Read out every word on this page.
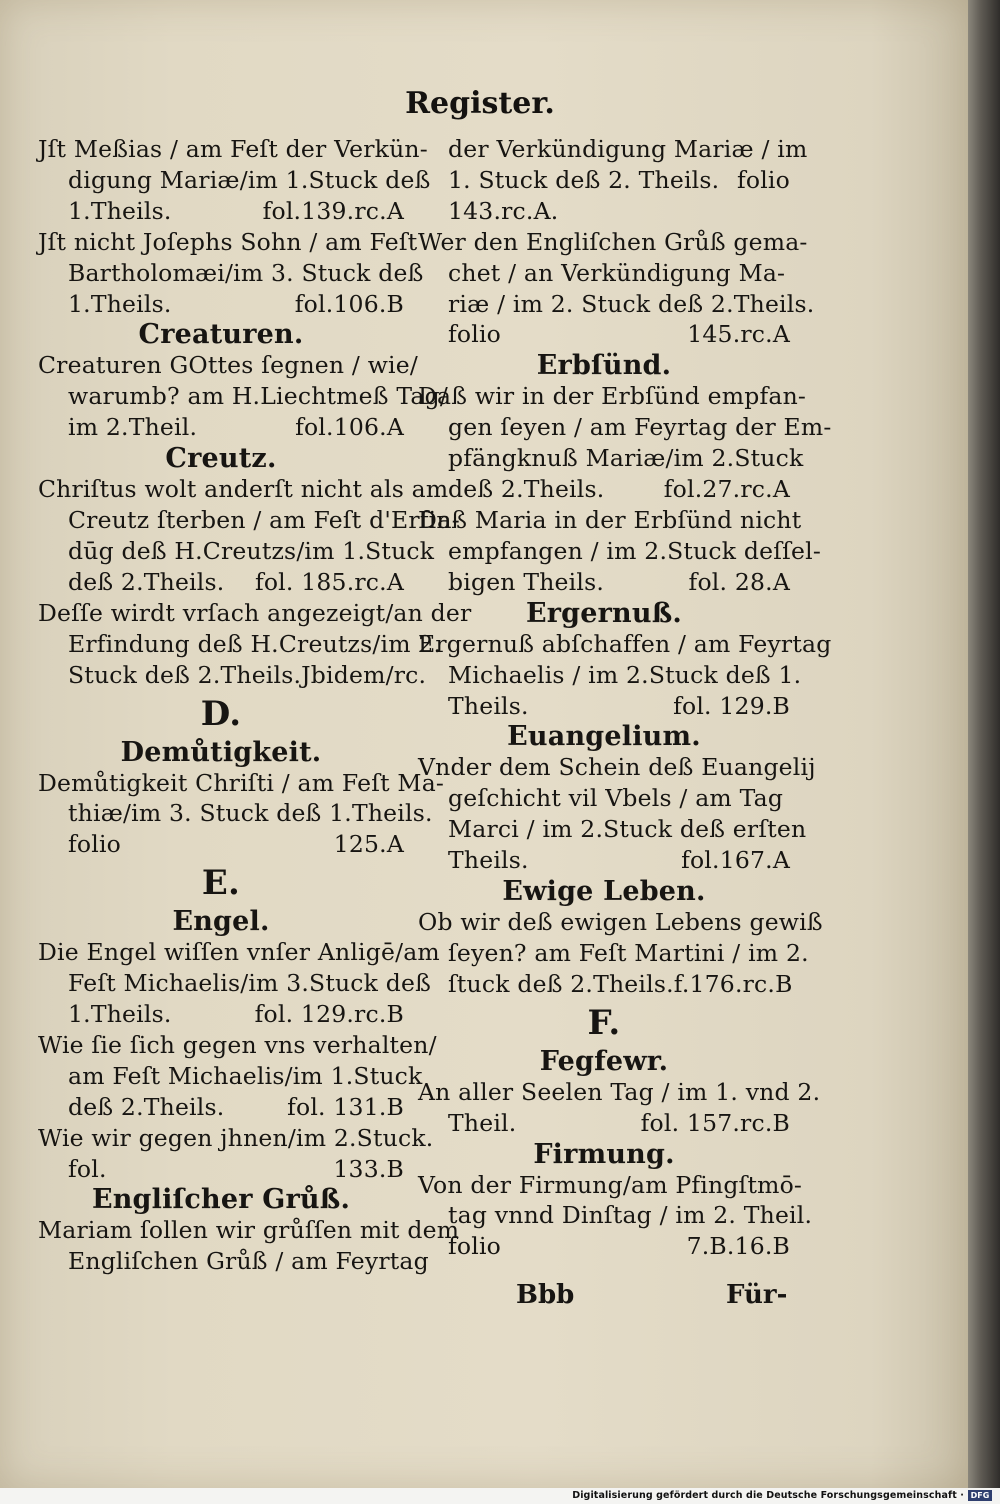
Register.

Jſt Meßias / am Feſt der Verkün-
digung Mariæ/im 1.Stuck deß
1.Theils.	fol.139.rc.A

Jſt nicht Joſephs Sohn / am Feſt
Bartholomæi/im 3. Stuck deß
1.Theils.	fol.106.B

Creaturen.

Creaturen GOttes ſegnen / wie/
warumb? am H.Liechtmeß Tag/
im 2.Theil.	fol.106.A

Creutz.

Chriſtus wolt anderſt nicht als am
Creutz ſterben / am Feſt d'Erfin-
dūg deß H.Creutzs/im 1.Stuck
deß 2.Theils. fol. 185.rc.A

Deſſe wirdt vrſach angezeigt/an der
Erfindung deß H.Creutzs/im 2.
Stuck deß 2.Theils.Jbidem/rc.

D.

Demůtigkeit.

Demůtigkeit Chriſti / am Feſt Ma-
thiæ/im 3. Stuck deß 1.Theils.
folio	125.A

E.

Engel.

Die Engel wiſſen vnſer Anligē/am
Feſt Michaelis/im 3.Stuck deß
1.Theils.	fol. 129.rc.B

Wie ſie ſich gegen vns verhalten/
am Feſt Michaelis/im 1.Stuck
deß 2.Theils.	fol. 131.B

Wie wir gegen jhnen/im 2.Stuck.
fol.	133.B

Engliſcher Grůß.

Mariam ſollen wir grůſſen mit dem
Engliſchen Grůß / am Feyrtag

der Verkündigung Mariæ / im
1. Stuck deß 2. Theils. folio
143.rc.A.

Wer den Engliſchen Grůß gema-
chet / an Verkündigung Ma-
riæ / im 2. Stuck deß 2.Theils.
folio	145.rc.A

Erbſünd.

Daß wir in der Erbſünd empfan-
gen ſeyen / am Feyrtag der Em-
pfängknuß Mariæ/im 2.Stuck
deß 2.Theils.	fol.27.rc.A

Daß Maria in der Erbſünd nicht
empfangen / im 2.Stuck deſſel-
bigen Theils.	fol. 28.A

Ergernuß.

Ergernuß abſchaffen / am Feyrtag
Michaelis / im 2.Stuck deß 1.
Theils.	fol. 129.B

Euangelium.

Vnder dem Schein deß Euangelij
geſchicht vil Vbels / am Tag
Marci / im 2.Stuck deß erſten
Theils.	fol.167.A

Ewige Leben.

Ob wir deß ewigen Lebens gewiß
ſeyen? am Feſt Martini / im 2.
ſtuck deß 2.Theils. f.176.rc.B

F.

Fegfewr.

An aller Seelen Tag / im 1. vnd 2.
Theil.	fol. 157.rc.B

Firmung.

Von der Firmung/am Pfingſtmō-
tag vnnd Dinſtag / im 2. Theil.
folio	7.B.16.B

Bbb	Für-
Digitalisierung gefördert durch die Deutsche Forschungsgemeinschaft · DFG
